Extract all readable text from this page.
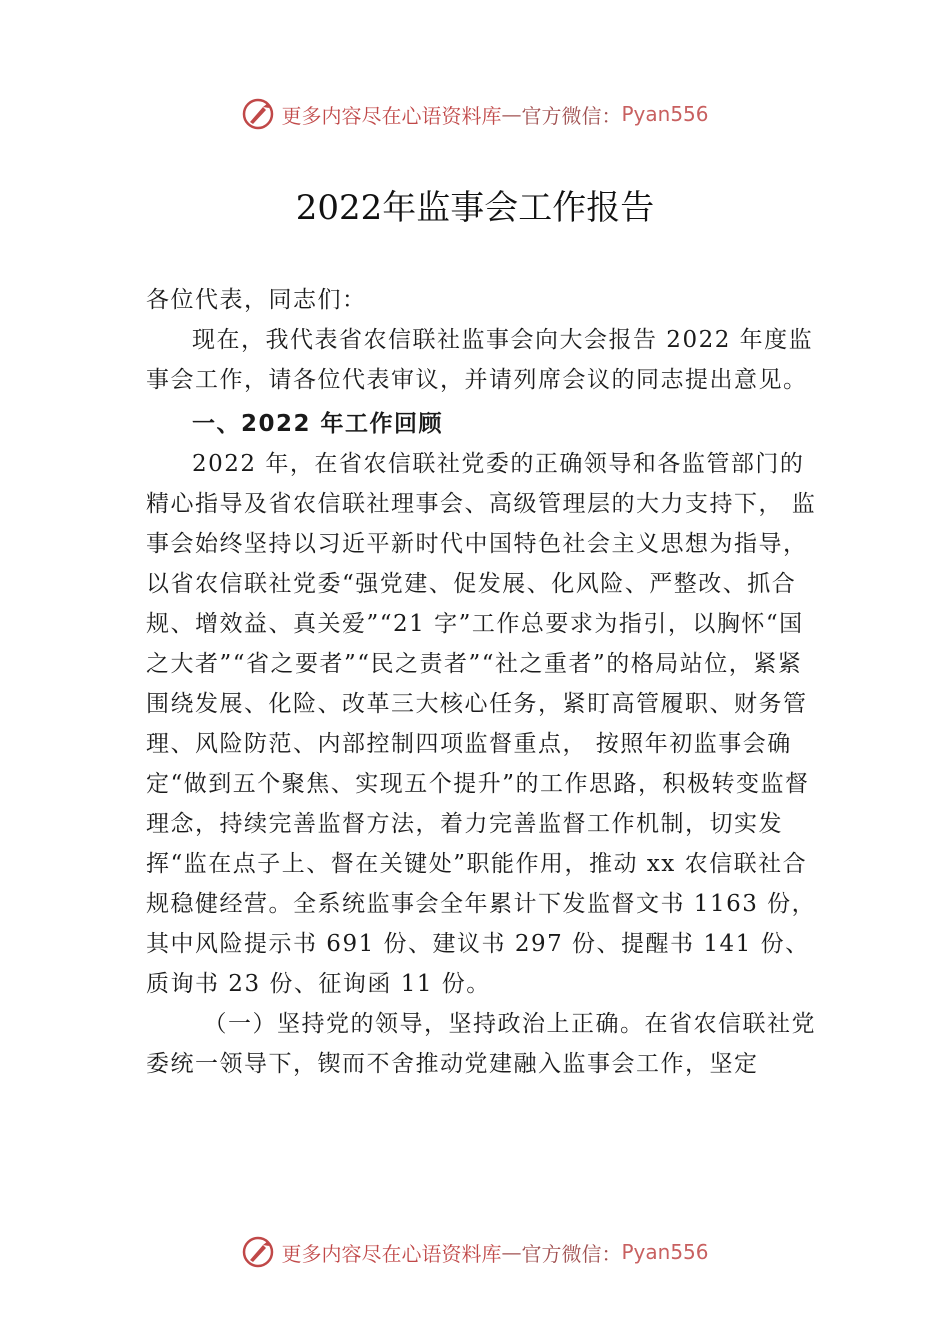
更多内容尽在心语资料库 — 官方微信： Pyan556
2022年监事会工作报告

各位代表，同志们：

现在，我代表省农信联社监事会向大会报告 2022 年度监事会工作，请各位代表审议，并请列席会议的同志提出意见。

一、2022 年工作回顾

2022 年，在省农信联社党委的正确领导和各监管部门的精心指导及省农信联社理事会、高级管理层的大力支持下， 监事会始终坚持以习近平新时代中国特色社会主义思想为指导，以省农信联社党委“强党建、促发展、化风险、严整改、抓合规、增效益、真关爱”“21 字”工作总要求为指引，以胸怀“国之大者”“省之要者”“民之责者”“社之重者”的格局站位，紧紧围绕发展、化险、改革三大核心任务，紧盯高管履职、财务管理、风险防范、内部控制四项监督重点， 按照年初监事会确定“做到五个聚焦、实现五个提升”的工作思路，积极转变监督理念，持续完善监督方法，着力完善监督工作机制，切实发挥“监在点子上、督在关键处”职能作用，推动 xx 农信联社合规稳健经营。全系统监事会全年累计下发监督文书 1163 份，其中风险提示书 691 份、建议书 297 份、提醒书 141 份、质询书 23 份、征询函 11 份。

（一）坚持党的领导，坚持政治上正确。在省农信联社党委统一领导下，锲而不舍推动党建融入监事会工作，坚定

更多内容尽在心语资料库 — 官方微信： Pyan556
